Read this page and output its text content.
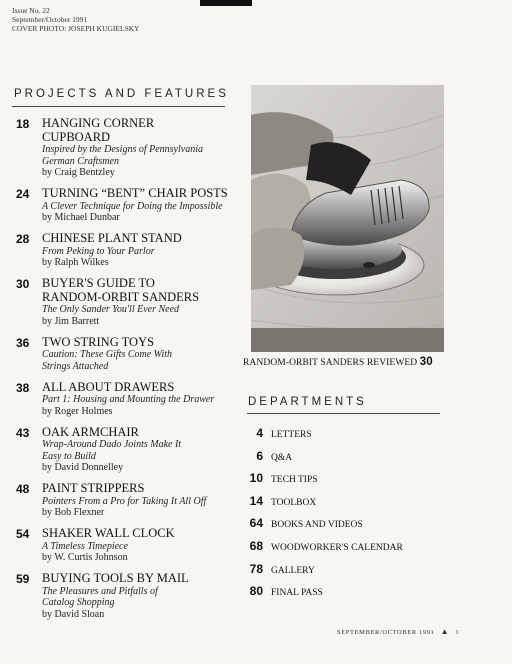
Issue No. 22
September/October 1991
COVER PHOTO: JOSEPH KUGIELSKY
PROJECTS AND FEATURES
18 HANGING CORNER
CUPBOARD
Inspired by the Designs of Pennsylvania
German Craftsmen
by Craig Bentzley
24 TURNING “BENT” CHAIR POSTS
A Clever Technique for Doing the Impossible
by Michael Dunbar
28 CHINESE PLANT STAND
From Peking to Your Parlor
by Ralph Wilkes
30 BUYER'S GUIDE TO
RANDOM-ORBIT SANDERS
The Only Sander You'll Ever Need
by Jim Barrett
36 TWO STRING TOYS
Caution: These Gifts Come With
Strings Attached
38 ALL ABOUT DRAWERS
Part 1: Housing and Mounting the Drawer
by Roger Holmes
43 OAK ARMCHAIR
Wrap-Around Dado Joints Make It
Easy to Build
by David Donnelley
48 PAINT STRIPPERS
Pointers From a Pro for Taking It All Off
by Bob Flexner
54 SHAKER WALL CLOCK
A Timeless Timepiece
by W. Curtis Johnson
59 BUYING TOOLS BY MAIL
The Pleasures and Pitfalls of
Catalog Shopping
by David Sloan
RANDOM-ORBIT SANDERS REVIEWED 30
DEPARTMENTS
4 LETTERS
6 Q&A
10 TECH TIPS
14 TOOLBOX
64 BOOKS AND VIDEOS
68 WOODWORKER'S CALENDAR
78 GALLERY
80 FINAL PASS
SEPTEMBER/OCTOBER 1991 ▲ 1
